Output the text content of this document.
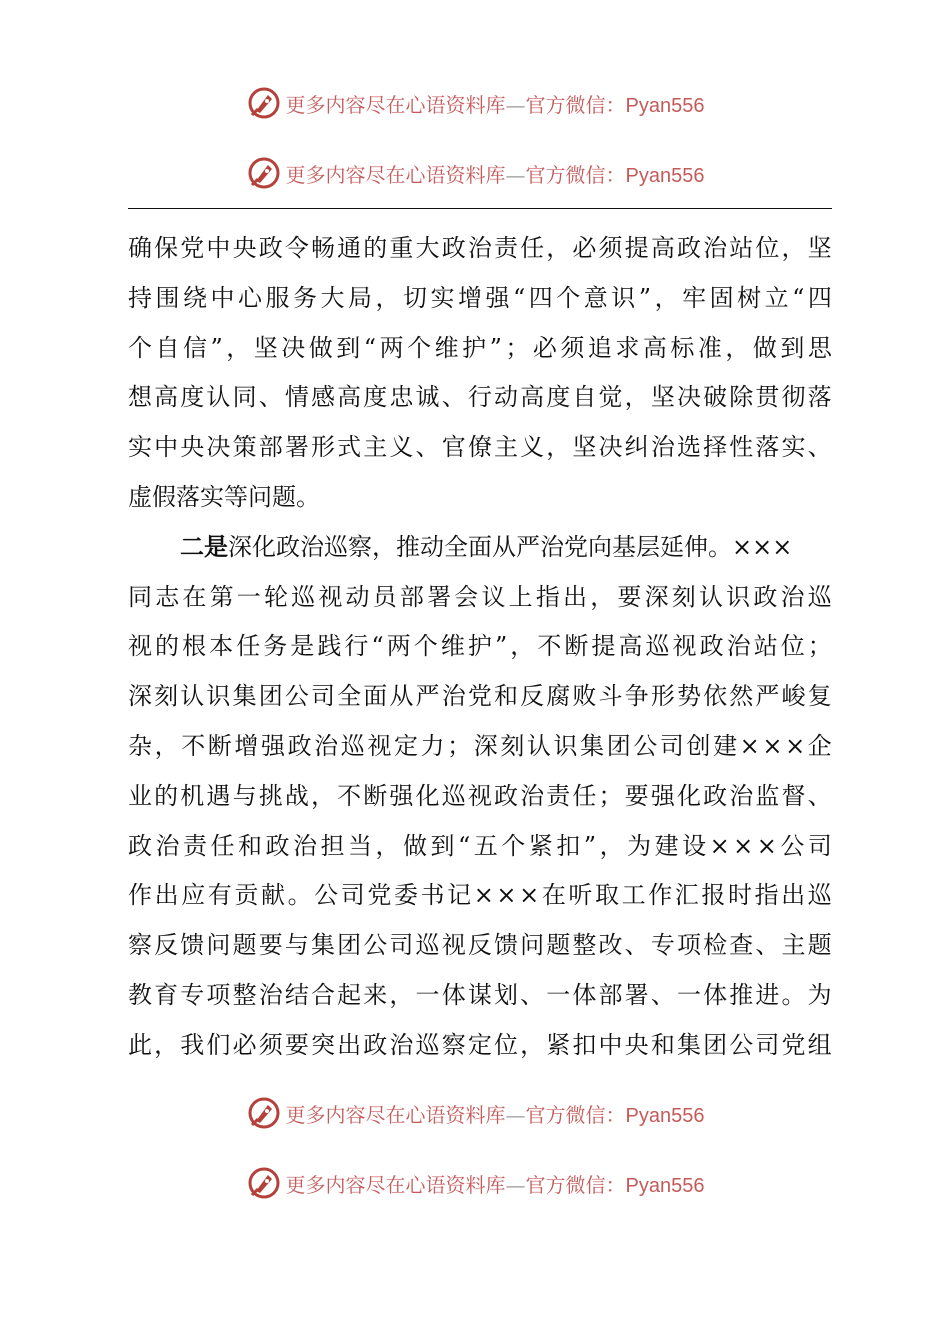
更多内容尽在心语资料库—官方微信：Pyan556
更多内容尽在心语资料库—官方微信：Pyan556
确 保 党 中 央 政 令 畅 通 的 重 大 政 治 责 任 ， 必 须 提 高 政 治 站 位 ， 坚
持 围 绕 中 心 服 务 大 局 ， 切 实 增 强 “ 四 个 意 识 ” ， 牢 固 树 立 “ 四
个 自 信 ” ， 坚 决 做 到 “ 两 个 维 护 ” ； 必 须 追 求 高 标 准 ， 做 到 思
想 高 度 认 同 、 情 感 高 度 忠 诚 、 行 动 高 度 自 觉 ， 坚 决 破 除 贯 彻 落
实 中 央 决 策 部 署 形 式 主 义 、 官 僚 主 义 ， 坚 决 纠 治 选 择 性 落 实 、
虚假落实等问题。
二是深化政治巡察，推动全面从严治党向基层延伸。×××
同 志 在 第 一 轮 巡 视 动 员 部 署 会 议 上 指 出 ， 要 深 刻 认 识 政 治 巡
视 的 根 本 任 务 是 践 行 “ 两 个 维 护 ” ， 不 断 提 高 巡 视 政 治 站 位 ；
深 刻 认 识 集 团 公 司 全 面 从 严 治 党 和 反 腐 败 斗 争 形 势 依 然 严 峻 复
杂 ， 不 断 增 强 政 治 巡 视 定 力 ； 深 刻 认 识 集 团 公 司 创 建 × × × 企
业 的 机 遇 与 挑 战 ， 不 断 强 化 巡 视 政 治 责 任 ； 要 强 化 政 治 监 督 、
政 治 责 任 和 政 治 担 当 ， 做 到 “ 五 个 紧 扣 ” ， 为 建 设 × × × 公 司
作 出 应 有 贡 献 。 公 司 党 委 书 记 × × × 在 听 取 工 作 汇 报 时 指 出 巡
察 反 馈 问 题 要 与 集 团 公 司 巡 视 反 馈 问 题 整 改 、 专 项 检 查 、 主 题
教 育 专 项 整 治 结 合 起 来 ， 一 体 谋 划 、 一 体 部 署 、 一 体 推 进 。 为
此 ， 我 们 必 须 要 突 出 政 治 巡 察 定 位 ， 紧 扣 中 央 和 集 团 公 司 党 组
更多内容尽在心语资料库—官方微信：Pyan556
更多内容尽在心语资料库—官方微信：Pyan556
